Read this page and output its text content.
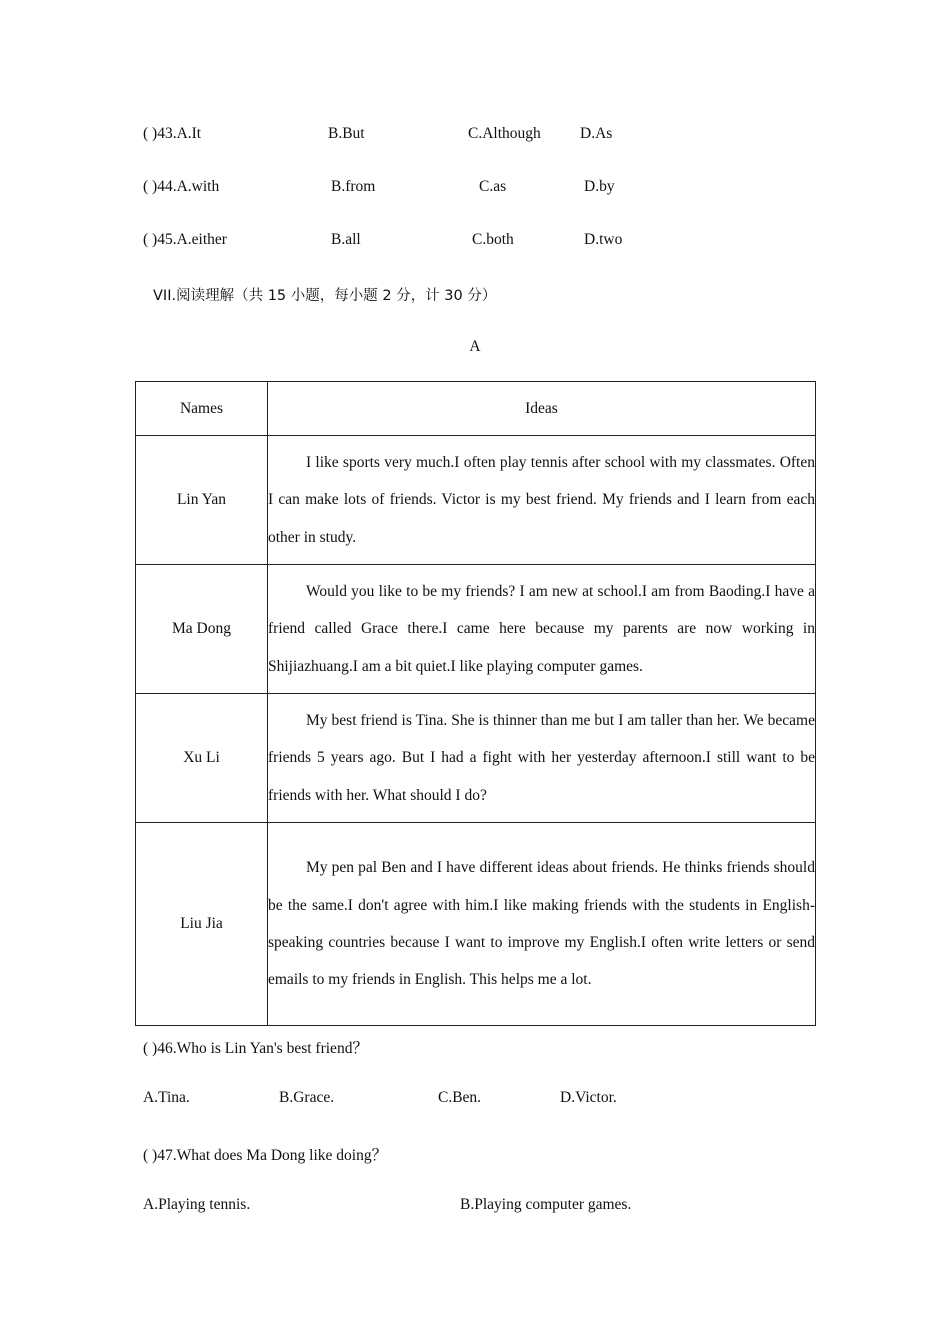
( )43.A.It	B.But	C.Although	D.As
( )44.A.with	B.from	C.as	D.by
( )45.A.either	B.all	C.both	D.two
VII.阅读理解（共 15 小题，每小题 2 分，计 30 分）
A
Names	Ideas
Lin Yan	I like sports very much.I often play tennis after school with my classmates. Often I can make lots of friends. Victor is my best friend. My friends and I learn from each other in study.

Ma Dong	Would you like to be my friends? I am new at school.I am from Baoding.I have a friend called Grace there.I came here because my parents are now working in Shijiazhuang.I am a bit quiet.I like playing computer games.

Xu Li	My best friend is Tina. She is thinner than me but I am taller than her. We became friends 5 years ago. But I had a fight with her yesterday afternoon.I still want to be friends with her. What should I do?

Liu Jia	My pen pal Ben and I have different ideas about friends. He thinks friends should be the same.I don't agree with him.I like making friends with the students in English-speaking countries because I want to improve my English.I often write letters or send emails to my friends in English. This helps me a lot.
( )46.Who is Lin Yan's best friend？
A.Tina.	B.Grace.	C.Ben.	D.Victor.
( )47.What does Ma Dong like doing？
A.Playing tennis.	B.Playing computer games.
